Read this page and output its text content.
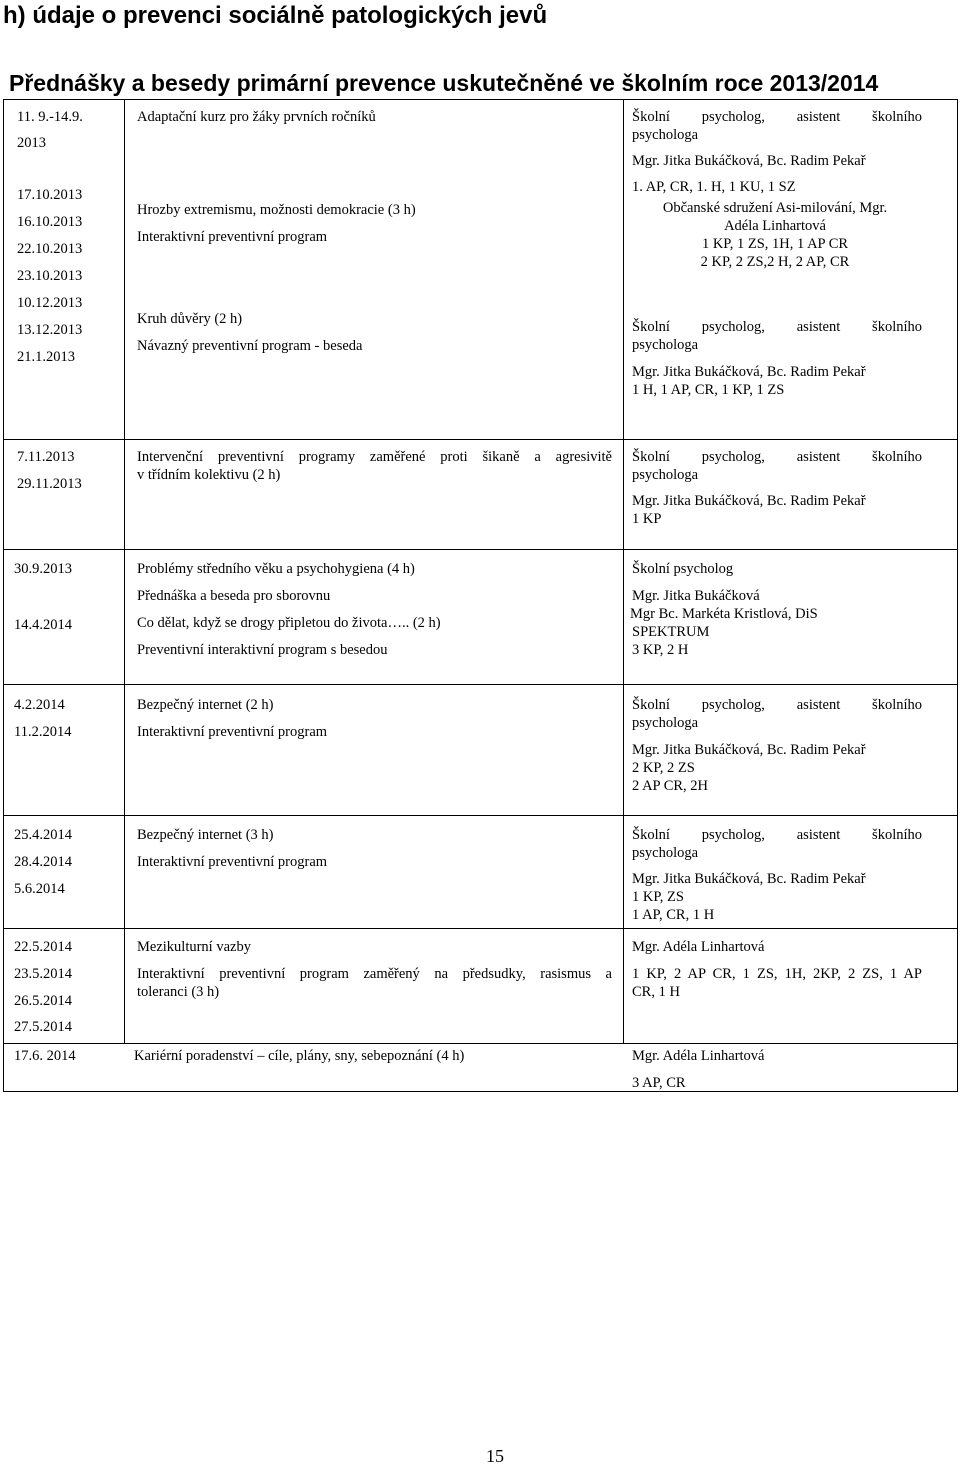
h) údaje o prevenci sociálně patologických jevů
Přednášky a besedy primární prevence uskutečněné ve školním roce 2013/2014
11. 9.-14.9.
2013
17.10.2013
16.10.2013
22.10.2013
23.10.2013
10.12.2013
13.12.2013
21.1.2013
Adaptační kurz pro žáky prvních ročníků
Hrozby extremismu, možnosti demokracie (3 h)
Interaktivní preventivní program
Kruh důvěry (2 h)
Návazný preventivní program - beseda
Školní psycholog, asistent školního
psychologa
Mgr. Jitka Bukáčková, Bc. Radim Pekař
1. AP, CR, 1. H, 1 KU, 1 SZ
Občanské sdružení Asi-milování, Mgr.
Adéla Linhartová
1 KP, 1 ZS, 1H, 1 AP CR
2 KP, 2 ZS,2 H, 2 AP, CR
Školní psycholog, asistent školního
psychologa
Mgr. Jitka Bukáčková, Bc. Radim Pekař
1 H, 1 AP, CR, 1 KP, 1 ZS
7.11.2013
29.11.2013
Intervenční preventivní programy zaměřené proti šikaně a agresivitě
v třídním kolektivu (2 h)
Školní psycholog, asistent školního
psychologa
Mgr. Jitka Bukáčková, Bc. Radim Pekař
1 KP
30.9.2013
14.4.2014
Problémy středního věku a psychohygiena (4 h)
Přednáška a beseda pro sborovnu
Co dělat, když se drogy připletou do života….. (2 h)
Preventivní interaktivní program s besedou
Školní psycholog
Mgr. Jitka Bukáčková
Mgr Bc. Markéta Kristlová, DiS
SPEKTRUM
3 KP, 2 H
4.2.2014
11.2.2014
Bezpečný internet (2 h)
Interaktivní preventivní program
Školní psycholog, asistent školního
psychologa
Mgr. Jitka Bukáčková, Bc. Radim Pekař
2 KP, 2 ZS
2 AP CR, 2H
25.4.2014
28.4.2014
5.6.2014
Bezpečný internet (3 h)
Interaktivní preventivní program
Školní psycholog, asistent školního
psychologa
Mgr. Jitka Bukáčková, Bc. Radim Pekař
1 KP, ZS
1 AP, CR, 1 H
22.5.2014
23.5.2014
26.5.2014
27.5.2014
Mezikulturní vazby
Interaktivní preventivní program zaměřený na předsudky, rasismus a
toleranci (3 h)
Mgr. Adéla Linhartová
1 KP, 2 AP CR, 1 ZS, 1H, 2KP, 2 ZS, 1 AP
CR, 1 H
17.6. 2014	Kariérní poradenství – cíle, plány, sny, sebepoznání (4 h)	Mgr. Adéla Linhartová
3 AP, CR
15
